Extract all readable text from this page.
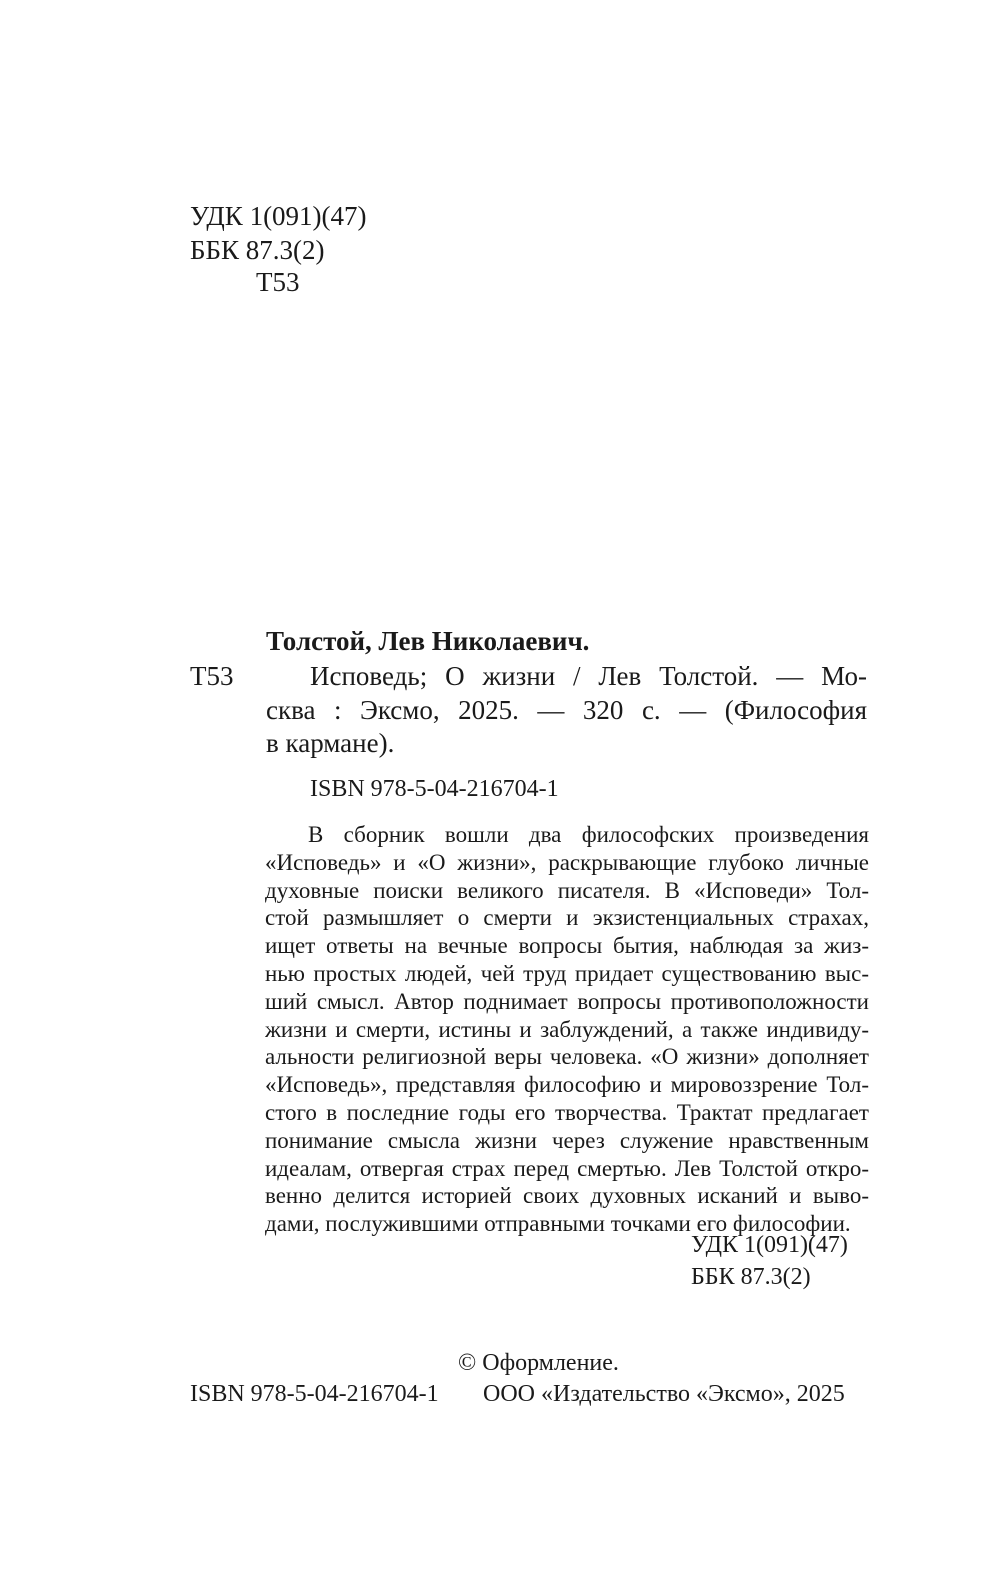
УДК 1(091)(47)
ББК 87.3(2)
Т53
Толстой, Лев Николаевич.
Т53	Исповедь; О жизни / Лев Толстой. — Мо-
сква : Эксмо, 2025. — 320 с. — (Философия
в кармане).
ISBN 978-5-04-216704-1
В сборник вошли два философских произведения
«Исповедь» и «О жизни», раскрывающие глубоко личные
духовные поиски великого писателя. В «Исповеди» Тол-
стой размышляет о смерти и экзистенциальных страхах,
ищет ответы на вечные вопросы бытия, наблюдая за жиз-
нью простых людей, чей труд придает существованию выс-
ший смысл. Автор поднимает вопросы противоположности
жизни и смерти, истины и заблуждений, а также индивиду-
альности религиозной веры человека. «О жизни» дополняет
«Исповедь», представляя философию и мировоззрение Тол-
стого в последние годы его творчества. Трактат предлагает
понимание смысла жизни через служение нравственным
идеалам, отвергая страх перед смертью. Лев Толстой откро-
венно делится историей своих духовных исканий и выво-
дами, послужившими отправными точками его философии.
УДК 1(091)(47)
ББК 87.3(2)
© Оформление.
ISBN 978-5-04-216704-1 ООО «Издательство «Эксмо», 2025
